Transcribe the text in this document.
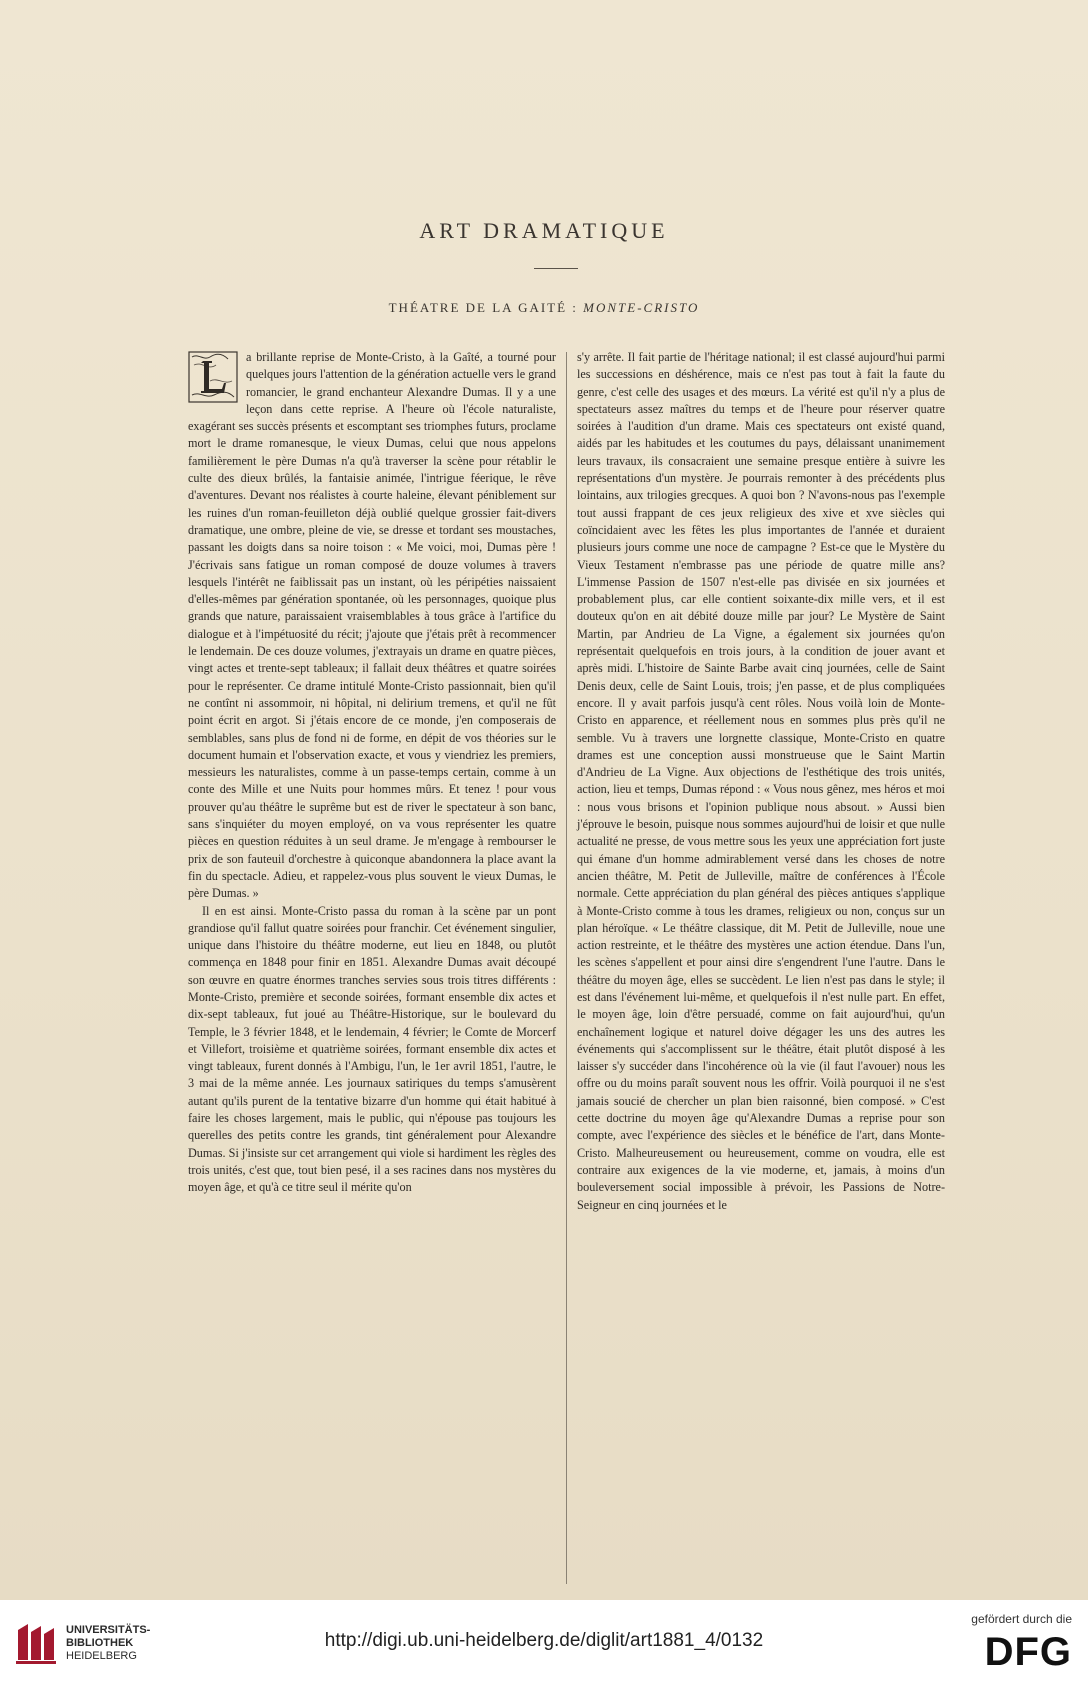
ART DRAMATIQUE
THÉATRE DE LA GAITÉ : MONTE-CRISTO

a brillante reprise de Monte-Cristo, à la Gaîté, a tourné pour quelques jours l'attention de la génération actuelle vers le grand romancier, le grand enchanteur Alexandre Dumas. Il y a une leçon dans cette reprise. A l'heure où l'école naturaliste, exagérant ses succès présents et escomptant ses triomphes futurs, proclame mort le drame romanesque, le vieux Dumas, celui que nous appelons familièrement le père Dumas n'a qu'à traverser la scène pour rétablir le culte des dieux brûlés, la fantaisie animée, l'intrigue féerique, le rêve d'aventures. Devant nos réalistes à courte haleine, élevant péniblement sur les ruines d'un roman-feuilleton déjà oublié quelque grossier fait-divers dramatique, une ombre, pleine de vie, se dresse et tordant ses moustaches, passant les doigts dans sa noire toison : « Me voici, moi, Dumas père ! J'écrivais sans fatigue un roman composé de douze volumes à travers lesquels l'intérêt ne faiblissait pas un instant, où les péripéties naissaient d'elles-mêmes par génération spontanée, où les personnages, quoique plus grands que nature, paraissaient vraisemblables à tous grâce à l'artifice du dialogue et à l'impétuosité du récit; j'ajoute que j'étais prêt à recommencer le lendemain. De ces douze volumes, j'extrayais un drame en quatre pièces, vingt actes et trente-sept tableaux; il fallait deux théâtres et quatre soirées pour le représenter. Ce drame intitulé Monte-Cristo passionnait, bien qu'il ne contînt ni assommoir, ni hôpital, ni delirium tremens, et qu'il ne fût point écrit en argot. Si j'étais encore de ce monde, j'en composerais de semblables, sans plus de fond ni de forme, en dépit de vos théories sur le document humain et l'observation exacte, et vous y viendriez les premiers, messieurs les naturalistes, comme à un passe-temps certain, comme à un conte des Mille et une Nuits pour hommes mûrs. Et tenez ! pour vous prouver qu'au théâtre le suprême but est de river le spectateur à son banc, sans s'inquiéter du moyen employé, on va vous représenter les quatre pièces en question réduites à un seul drame. Je m'engage à rembourser le prix de son fauteuil d'orchestre à quiconque abandonnera la place avant la fin du spectacle. Adieu, et rappelez-vous plus souvent le vieux Dumas, le père Dumas. »

Il en est ainsi. Monte-Cristo passa du roman à la scène par un pont grandiose qu'il fallut quatre soirées pour franchir. Cet événement singulier, unique dans l'histoire du théâtre moderne, eut lieu en 1848, ou plutôt commença en 1848 pour finir en 1851. Alexandre Dumas avait découpé son œuvre en quatre énormes tranches servies sous trois titres différents : Monte-Cristo, première et seconde soirées, formant ensemble dix actes et dix-sept tableaux, fut joué au Théâtre-Historique, sur le boulevard du Temple, le 3 février 1848, et le lendemain, 4 février; le Comte de Morcerf et Villefort, troisième et quatrième soirées, formant ensemble dix actes et vingt tableaux, furent donnés à l'Ambigu, l'un, le 1er avril 1851, l'autre, le 3 mai de la même année. Les journaux satiriques du temps s'amusèrent autant qu'ils purent de la tentative bizarre d'un homme qui était habitué à faire les choses largement, mais le public, qui n'épouse pas toujours les querelles des petits contre les grands, tint généralement pour Alexandre Dumas. Si j'insiste sur cet arrangement qui viole si hardiment les règles des trois unités, c'est que, tout bien pesé, il a ses racines dans nos mystères du moyen âge, et qu'à ce titre seul il mérite qu'on

s'y arrête. Il fait partie de l'héritage national; il est classé aujourd'hui parmi les successions en déshérence, mais ce n'est pas tout à fait la faute du genre, c'est celle des usages et des mœurs. La vérité est qu'il n'y a plus de spectateurs assez maîtres du temps et de l'heure pour réserver quatre soirées à l'audition d'un drame. Mais ces spectateurs ont existé quand, aidés par les habitudes et les coutumes du pays, délaissant unanimement leurs travaux, ils consacraient une semaine presque entière à suivre les représentations d'un mystère. Je pourrais remonter à des précédents plus lointains, aux trilogies grecques. A quoi bon ? N'avons-nous pas l'exemple tout aussi frappant de ces jeux religieux des xive et xve siècles qui coïncidaient avec les fêtes les plus importantes de l'année et duraient plusieurs jours comme une noce de campagne ? Est-ce que le Mystère du Vieux Testament n'embrasse pas une période de quatre mille ans? L'immense Passion de 1507 n'est-elle pas divisée en six journées et probablement plus, car elle contient soixante-dix mille vers, et il est douteux qu'on en ait débité douze mille par jour? Le Mystère de Saint Martin, par Andrieu de La Vigne, a également six journées qu'on représentait quelquefois en trois jours, à la condition de jouer avant et après midi. L'histoire de Sainte Barbe avait cinq journées, celle de Saint Denis deux, celle de Saint Louis, trois; j'en passe, et de plus compliquées encore. Il y avait parfois jusqu'à cent rôles. Nous voilà loin de Monte-Cristo en apparence, et réellement nous en sommes plus près qu'il ne semble. Vu à travers une lorgnette classique, Monte-Cristo en quatre drames est une conception aussi monstrueuse que le Saint Martin d'Andrieu de La Vigne. Aux objections de l'esthétique des trois unités, action, lieu et temps, Dumas répond : « Vous nous gênez, mes héros et moi : nous vous brisons et l'opinion publique nous absout. » Aussi bien j'éprouve le besoin, puisque nous sommes aujourd'hui de loisir et que nulle actualité ne presse, de vous mettre sous les yeux une appréciation fort juste qui émane d'un homme admirablement versé dans les choses de notre ancien théâtre, M. Petit de Julleville, maître de conférences à l'École normale. Cette appréciation du plan général des pièces antiques s'applique à Monte-Cristo comme à tous les drames, religieux ou non, conçus sur un plan héroïque. « Le théâtre classique, dit M. Petit de Julleville, noue une action restreinte, et le théâtre des mystères une action étendue. Dans l'un, les scènes s'appellent et pour ainsi dire s'engendrent l'une l'autre. Dans le théâtre du moyen âge, elles se succèdent. Le lien n'est pas dans le style; il est dans l'événement lui-même, et quelquefois il n'est nulle part. En effet, le moyen âge, loin d'être persuadé, comme on fait aujourd'hui, qu'un enchaînement logique et naturel doive dégager les uns des autres les événements qui s'accomplissent sur le théâtre, était plutôt disposé à les laisser s'y succéder dans l'incohérence où la vie (il faut l'avouer) nous les offre ou du moins paraît souvent nous les offrir. Voilà pourquoi il ne s'est jamais soucié de chercher un plan bien raisonné, bien composé. » C'est cette doctrine du moyen âge qu'Alexandre Dumas a reprise pour son compte, avec l'expérience des siècles et le bénéfice de l'art, dans Monte-Cristo. Malheureusement ou heureusement, comme on voudra, elle est contraire aux exigences de la vie moderne, et, jamais, à moins d'un bouleversement social impossible à prévoir, les Passions de Notre-Seigneur en cinq journées et le

UNIVERSITÄTS-
BIBLIOTHEK
HEIDELBERG
http://digi.ub.uni-heidelberg.de/diglit/art1881_4/0132
gefördert durch die
DFG
